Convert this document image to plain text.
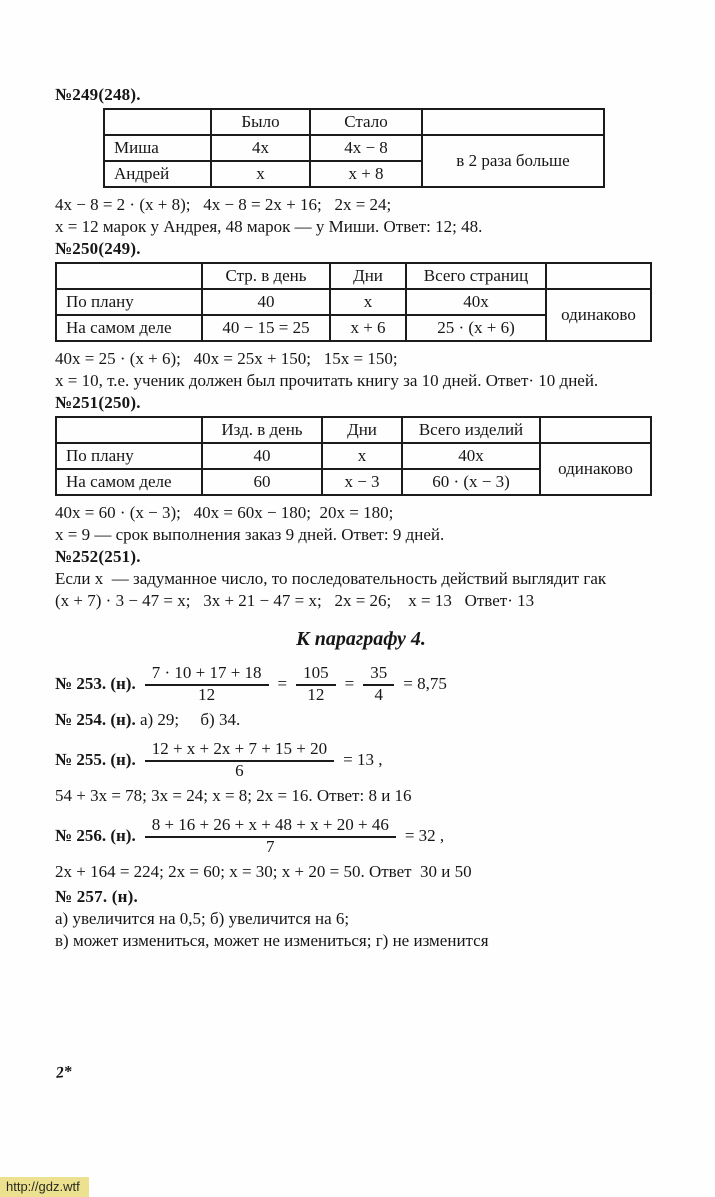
№249(248).
	Было	Стало	
Миша	4x	4x − 8	в 2 раза больше
Андрей	x	x + 8	
4x − 8 = 2 · (x + 8);   4x − 8 = 2x + 16;   2x = 24;
x = 12 марок у Андрея, 48 марок — у Миши. Ответ: 12; 48.
№250(249).
	Стр. в день	Дни	Всего страниц	
По плану	40	x	40x	одинаково
На самом деле	40 − 15 = 25	x + 6	25 · (x + 6)	
40x = 25 · (x + 6);   40x = 25x + 150;   15x = 150;
x = 10, т.е. ученик должен был прочитать книгу за 10 дней. Ответ· 10 дней.
№251(250).
	Изд. в день	Дни	Всего изделий	
По плану	40	x	40x	одинаково
На самом деле	60	x − 3	60 · (x − 3)	
40x = 60 · (x − 3);   40x = 60x − 180;  20x = 180;
x = 9 — срок выполнения заказ 9 дней. Ответ: 9 дней.
№252(251).
Если x  — задуманное число, то последовательность действий выглядит гак
(x + 7) · 3 − 47 = x;   3x + 21 − 47 = x;   2x = 26;    x = 13   Ответ· 13
К параграфу 4.
№ 253. (н). $\frac{7 \cdot 10 + 17 + 18}{12} = \frac{105}{12} = \frac{35}{4} = 8,75$
№ 254. (н). а) 29;     б) 34.
№ 255. (н). $\frac{12 + x + 2x + 7 + 15 + 20}{6} = 13$ ,
54 + 3x = 78; 3x = 24; x = 8; 2x = 16. Ответ: 8 и 16
№ 256. (н). $\frac{8 + 16 + 26 + x + 48 + x + 20 + 46}{7} = 32$ ,
2x + 164 = 224; 2x = 60; x = 30; x + 20 = 50. Ответ  30 и 50
№ 257. (н).
а) увеличится на 0,5; б) увеличится на 6;
в) может измениться, может не измениться; г) не изменится
2*
http://gdz.wtf
